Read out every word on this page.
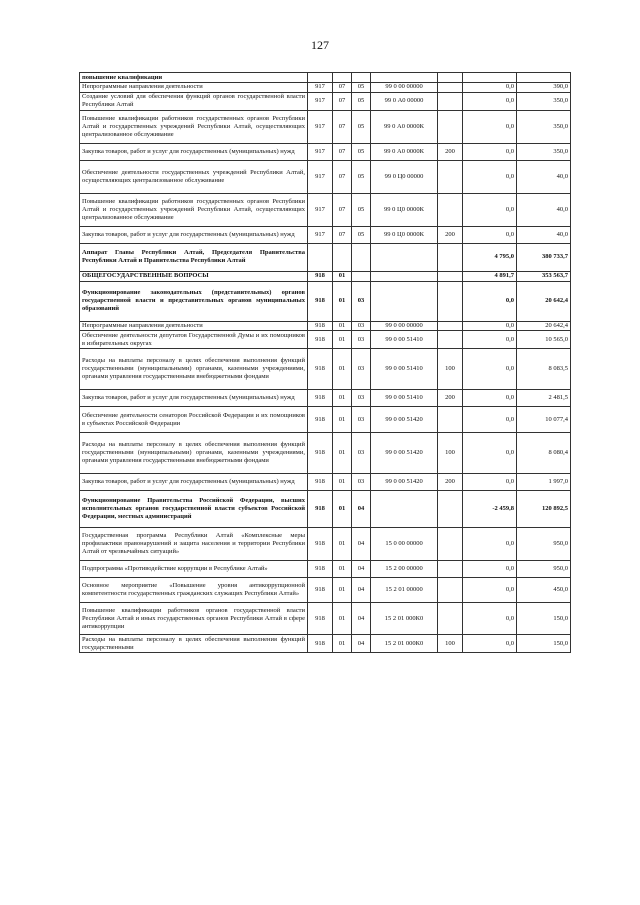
127
повышение квалификации							
Непрограммные направления деятельности	917	07	05	99 0 00 00000		0,0	390,0
Создание условий для обеспечения функций органов государственной власти Республики Алтай	917	07	05	99 0 А0 00000		0,0	350,0
Повышение квалификации работников государственных органов Республики Алтай и государственных учреждений Республики Алтай, осуществляющих централизованное обслуживание	917	07	05	99 0 А0 0000К		0,0	350,0
Закупка товаров, работ и услуг для государственных (муниципальных) нужд	917	07	05	99 0 А0 0000К	200	0,0	350,0
Обеспечение деятельности государственных учреждений Республики Алтай, осуществляющих централизованное обслуживание	917	07	05	99 0 Ц0 00000		0,0	40,0
Повышение квалификации работников государственных органов Республики Алтай и государственных учреждений Республики Алтай, осуществляющих централизованное обслуживание	917	07	05	99 0 Ц0 0000К		0,0	40,0
Закупка товаров, работ и услуг для государственных (муниципальных) нужд	917	07	05	99 0 Ц0 0000К	200	0,0	40,0
Аппарат Главы Республики Алтай, Председателя Правительства Республики Алтай и Правительства Республики Алтай						4 795,0	380 733,7
ОБЩЕГОСУДАРСТВЕННЫЕ ВОПРОСЫ	918	01				4 891,7	353 563,7
Функционирование законодательных (представительных) органов государственной власти и представительных органов муниципальных образований	918	01	03			0,0	20 642,4
Непрограммные направления деятельности	918	01	03	99 0 00 00000		0,0	20 642,4
Обеспечение деятельности депутатов Государственной Думы и их помощников в избирательных округах	918	01	03	99 0 00 51410		0,0	10 565,0
Расходы на выплаты персоналу в целях обеспечения выполнения функций государственными (муниципальными) органами, казенными учреждениями, органами управления государственными внебюджетными фондами	918	01	03	99 0 00 51410	100	0,0	8 083,5
Закупка товаров, работ и услуг для государственных (муниципальных) нужд	918	01	03	99 0 00 51410	200	0,0	2 481,5
Обеспечение деятельности сенаторов Российской Федерации и их помощников в субъектах Российской Федерации	918	01	03	99 0 00 51420		0,0	10 077,4
Расходы на выплаты персоналу в целях обеспечения выполнения функций государственными (муниципальными) органами, казенными учреждениями, органами управления государственными внебюджетными фондами	918	01	03	99 0 00 51420	100	0,0	8 080,4
Закупка товаров, работ и услуг для государственных (муниципальных) нужд	918	01	03	99 0 00 51420	200	0,0	1 997,0
Функционирование Правительства Российской Федерации, высших исполнительных органов государственной власти субъектов Российской Федерации, местных администраций	918	01	04			-2 459,8	120 892,5
Государственная программа Республики Алтай «Комплексные меры профилактики правонарушений и защита населения и территории Республики Алтай от чрезвычайных ситуаций»	918	01	04	15 0 00 00000		0,0	950,0
Подпрограмма «Противодействие коррупции в Республике Алтай»	918	01	04	15 2 00 00000		0,0	950,0
Основное мероприятие «Повышение уровня антикоррупционной компетентности государственных гражданских служащих Республики Алтай»	918	01	04	15 2 01 00000		0,0	450,0
Повышение квалификации работников органов государственной власти Республики Алтай и иных государственных органов Республики Алтай в сфере антикоррупции	918	01	04	15 2 01 000К0		0,0	150,0
Расходы на выплаты персоналу в целях обеспечения выполнения функций государственными	918	01	04	15 2 01 000К0	100	0,0	150,0
